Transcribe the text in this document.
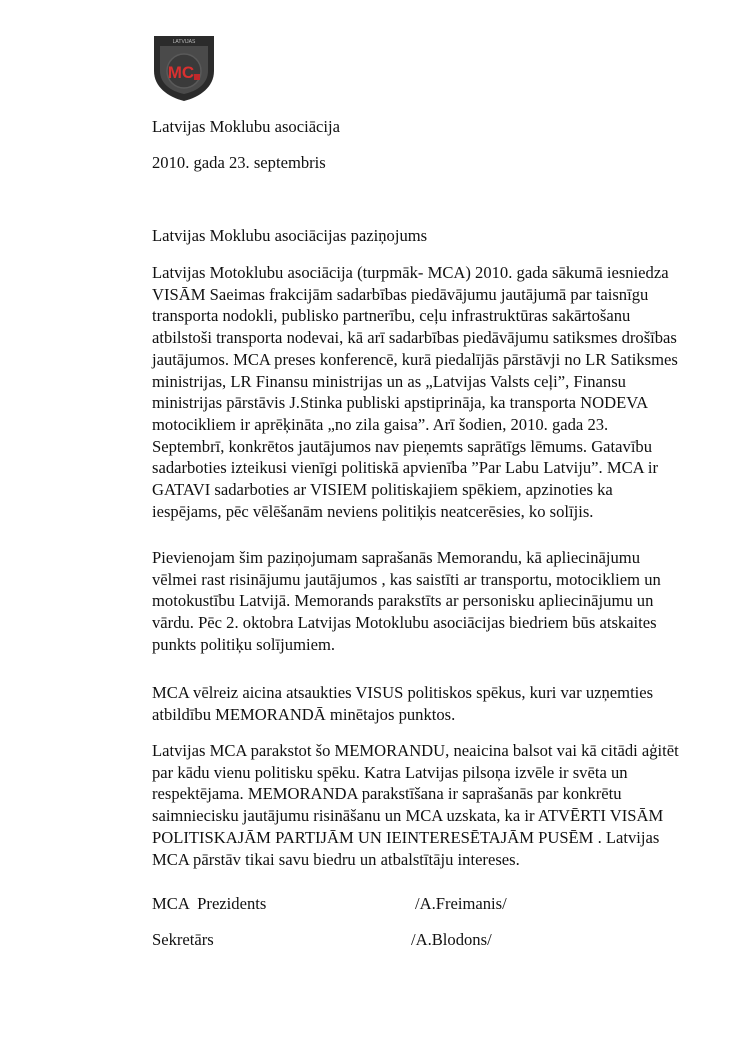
LATVIJAS
MC

Latvijas Moklubu asociācija

2010. gada 23. septembris

Latvijas Moklubu asociācijas paziņojums

Latvijas Motoklubu asociācija (turpmāk- MCA) 2010. gada sākumā iesniedza
VISĀM Saeimas frakcijām sadarbības piedāvājumu jautājumā par taisnīgu
transporta nodokli, publisko partnerību, ceļu infrastruktūras sakārtošanu
atbilstoši transporta nodevai, kā arī sadarbības piedāvājumu satiksmes drošības
jautājumos. MCA preses konferencē, kurā piedalījās pārstāvji no LR Satiksmes
ministrijas, LR Finansu ministrijas un as „Latvijas Valsts ceļi”, Finansu
ministrijas pārstāvis J.Stinka publiski apstiprināja, ka transporta NODEVA
motocikliem ir aprēķināta „no zila gaisa”. Arī šodien, 2010. gada 23.
Septembrī, konkrētos jautājumos nav pieņemts saprātīgs lēmums. Gatavību
sadarboties izteikusi vienīgi politiskā apvienība ”Par Labu Latviju”. MCA ir
GATAVI sadarboties ar VISIEM politiskajiem spēkiem, apzinoties ka
iespējams, pēc vēlēšanām neviens politiķis neatcerēsies, ko solījis.
Pievienojam šim paziņojumam saprašanās Memorandu, kā apliecinājumu
vēlmei rast risinājumu jautājumos , kas saistīti ar transportu, motocikliem un
motokustību Latvijā. Memorands parakstīts ar personisku apliecinājumu un
vārdu. Pēc 2. oktobra Latvijas Motoklubu asociācijas biedriem būs atskaites
punkts politiķu solījumiem.
MCA vēlreiz aicina atsaukties VISUS politiskos spēkus, kuri var uzņemties
atbildību MEMORANDĀ minētajos punktos.
Latvijas MCA parakstot šo MEMORANDU, neaicina balsot vai kā citādi aģitēt
par kādu vienu politisku spēku. Katra Latvijas pilsoņa izvēle ir svēta un
respektējama. MEMORANDA parakstīšana ir saprašanās par konkrētu
saimniecisku jautājumu risināšanu un MCA uzskata, ka ir ATVĒRTI VISĀM
POLITISKAJĀM PARTIJĀM UN IEINTERESĒTAJĀM PUSĒM . Latvijas
MCA pārstāv tikai savu biedru un atbalstītāju intereses.

MCA  Prezidents	/A.Freimanis/

Sekretārs	/A.Blodons/
